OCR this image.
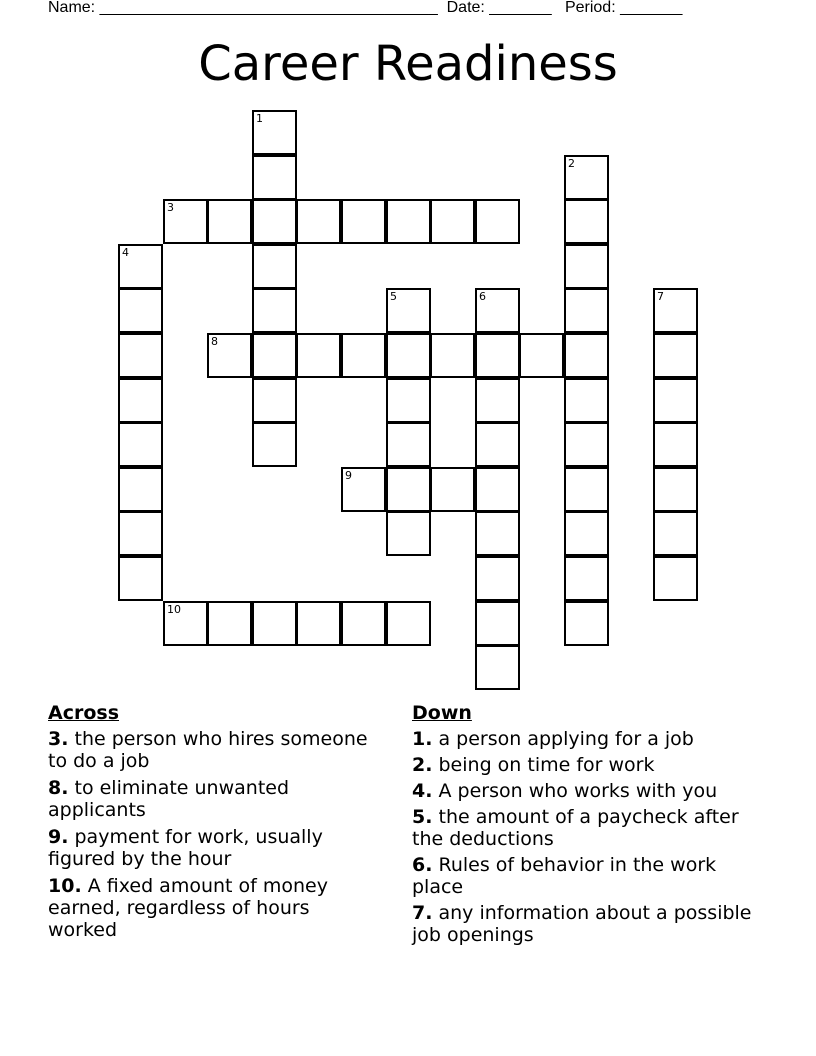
Name: ______________________________________ Date: _______ Period: _______
Career Readiness
1
2
3
4
5	6	7
8
9
10
Across
3. the person who hires someone to do a job
8. to eliminate unwanted applicants
9. payment for work, usually figured by the hour
10. A fixed amount of money earned, regardless of hours worked
Down
1. a person applying for a job
2. being on time for work
4. A person who works with you
5. the amount of a paycheck after the deductions
6. Rules of behavior in the work place
7. any information about a possible job openings
